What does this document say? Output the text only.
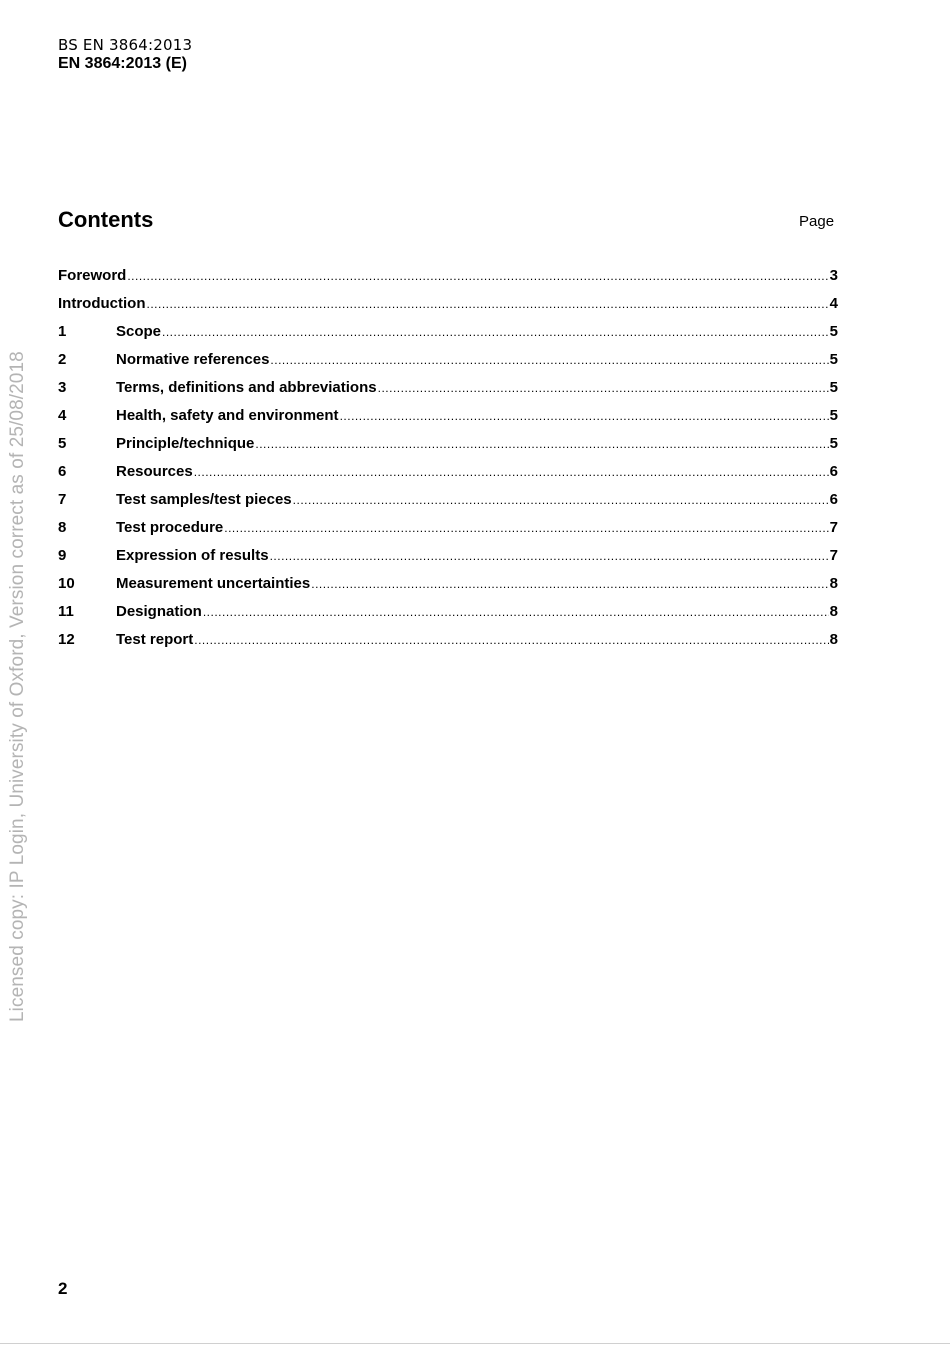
BS EN 3864:2013
EN 3864:2013 (E)
Contents	Page
Foreword .....	3
Introduction .....	4
1	Scope .....	5
2	Normative references .....	5
3	Terms, definitions and abbreviations .....	5
4	Health, safety and environment .....	5
5	Principle/technique .....	5
6	Resources .....	6
7	Test samples/test pieces .....	6
8	Test procedure .....	7
9	Expression of results .....	7
10	Measurement uncertainties .....	8
11	Designation .....	8
12	Test report .....	8
Licensed copy: IP Login, University of Oxford, Version correct as of 25/08/2018
2
